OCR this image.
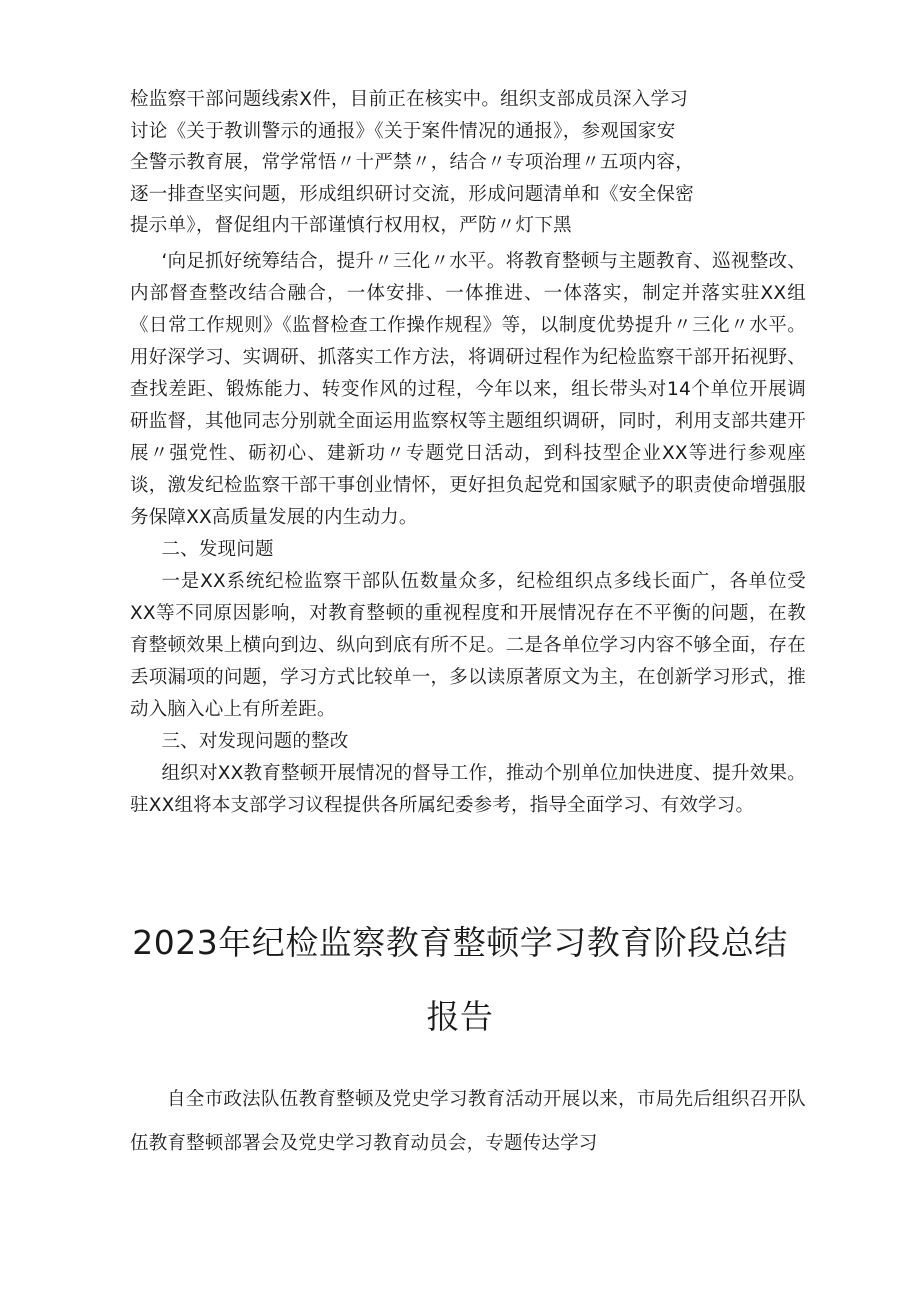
检监察干部问题线索X件，目前正在核实中。组织支部成员深入学习

讨论《关于教训警示的通报》《关于案件情况的通报》，参观国家安

全警示教育展，常学常悟〃十严禁〃，结合〃专项治理〃五项内容，

逐一排查坚实问题，形成组织研讨交流，形成问题清单和《安全保密

提示单》，督促组内干部谨慎行权用权，严防〃灯下黑

‘向足抓好统筹结合，提升〃三化〃水平。将教育整顿与主题教育、巡视整改、内部督查整改结合融合，一体安排、一体推进、一体落实，制定并落实驻XX组《日常工作规则》《监督检查工作操作规程》等，以制度优势提升〃三化〃水平。用好深学习、实调研、抓落实工作方法，将调研过程作为纪检监察干部开拓视野、查找差距、锻炼能力、转变作风的过程，今年以来，组长带头对14个单位开展调研监督，其他同志分别就全面运用监察权等主题组织调研，同时，利用支部共建开展〃强党性、砺初心、建新功〃专题党日活动，到科技型企业XX等进行参观座谈，激发纪检监察干部干事创业情怀，更好担负起党和国家赋予的职责使命增强服务保障XX高质量发展的内生动力。

二、发现问题

一是XX系统纪检监察干部队伍数量众多，纪检组织点多线长面广，各单位受XX等不同原因影响，对教育整顿的重视程度和开展情况存在不平衡的问题，在教育整顿效果上横向到边、纵向到底有所不足。二是各单位学习内容不够全面，存在丢项漏项的问题，学习方式比较单一，多以读原著原文为主，在创新学习形式，推动入脑入心上有所差距。

三、对发现问题的整改

组织对XX教育整顿开展情况的督导工作，推动个别单位加快进度、提升效果。驻XX组将本支部学习议程提供各所属纪委参考，指导全面学习、有效学习。

2023年纪检监察教育整顿学习教育阶段总结
报告

自全市政法队伍教育整顿及党史学习教育活动开展以来，市局先后组织召开队伍教育整顿部署会及党史学习教育动员会，专题传达学习
